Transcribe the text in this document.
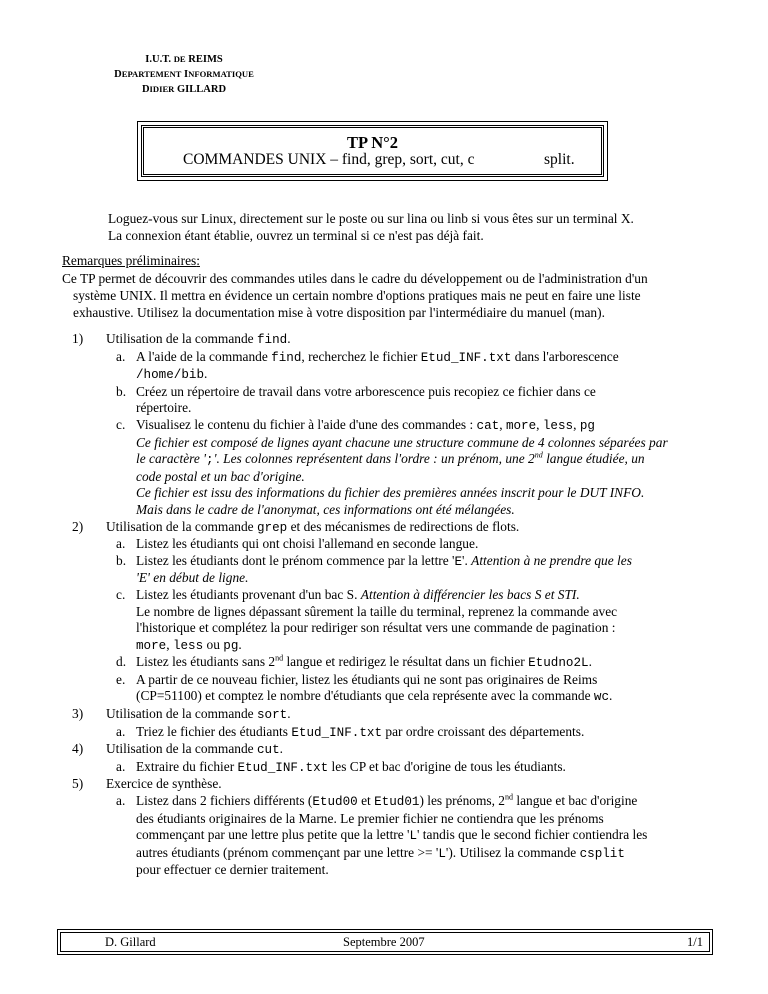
I.U.T. DE REIMS
DEPARTEMENT INFORMATIQUE
DIDIER GILLARD
TP N°2
COMMANDES UNIX – find, grep, sort, cut, c	split.
Loguez-vous sur Linux, directement sur le poste ou sur lina ou linb si vous êtes sur un terminal X.
La connexion étant établie, ouvrez un terminal si ce n'est pas déjà fait.
Remarques préliminaires:
Ce TP permet de découvrir des commandes utiles dans le cadre du développement ou de l'administration d'un
système UNIX. Il mettra en évidence un certain nombre d'options pratiques mais ne peut en faire une liste
exhaustive. Utilisez la documentation mise à votre disposition par l'intermédiaire du manuel (man).
1) Utilisation de la commande find.
a. A l'aide de la commande find, recherchez le fichier Etud_INF.txt dans l'arborescence
/home/bib.
b. Créez un répertoire de travail dans votre arborescence puis recopiez ce fichier dans ce
répertoire.
c. Visualisez le contenu du fichier à l'aide d'une des commandes : cat, more, less, pg
Ce fichier est composé de lignes ayant chacune une structure commune de 4 colonnes séparées par
le caractère ';'. Les colonnes représentent dans l'ordre : un prénom, une 2nd langue étudiée, un
code postal et un bac d'origine.
Ce fichier est issu des informations du fichier des premières années inscrit pour le DUT INFO.
Mais dans le cadre de l'anonymat, ces informations ont été mélangées.
2) Utilisation de la commande grep et des mécanismes de redirections de flots.
a. Listez les étudiants qui ont choisi l'allemand en seconde langue.
b. Listez les étudiants dont le prénom commence par la lettre 'E'. Attention à ne prendre que les
'E' en début de ligne.
c. Listez les étudiants provenant d'un bac S. Attention à différencier les bacs S et STI.
Le nombre de lignes dépassant sûrement la taille du terminal, reprenez la commande avec
l'historique et complétez la pour rediriger son résultat vers une commande de pagination :
more, less ou pg.
d. Listez les étudiants sans 2nd langue et redirigez le résultat dans un fichier Etudno2L.
e. A partir de ce nouveau fichier, listez les étudiants qui ne sont pas originaires de Reims
(CP=51100) et comptez le nombre d'étudiants que cela représente avec la commande wc.
3) Utilisation de la commande sort.
a. Triez le fichier des étudiants Etud_INF.txt par ordre croissant des départements.
4) Utilisation de la commande cut.
a. Extraire du fichier Etud_INF.txt les CP et bac d'origine de tous les étudiants.
5) Exercice de synthèse.
a. Listez dans 2 fichiers différents (Etud00 et Etud01) les prénoms, 2nd langue et bac d'origine
des étudiants originaires de la Marne. Le premier fichier ne contiendra que les prénoms
commençant par une lettre plus petite que la lettre 'L' tandis que le second fichier contiendra les
autres étudiants (prénom commençant par une lettre >= 'L'). Utilisez la commande csplit
pour effectuer ce dernier traitement.
D. Gillard	Septembre 2007	1/1
